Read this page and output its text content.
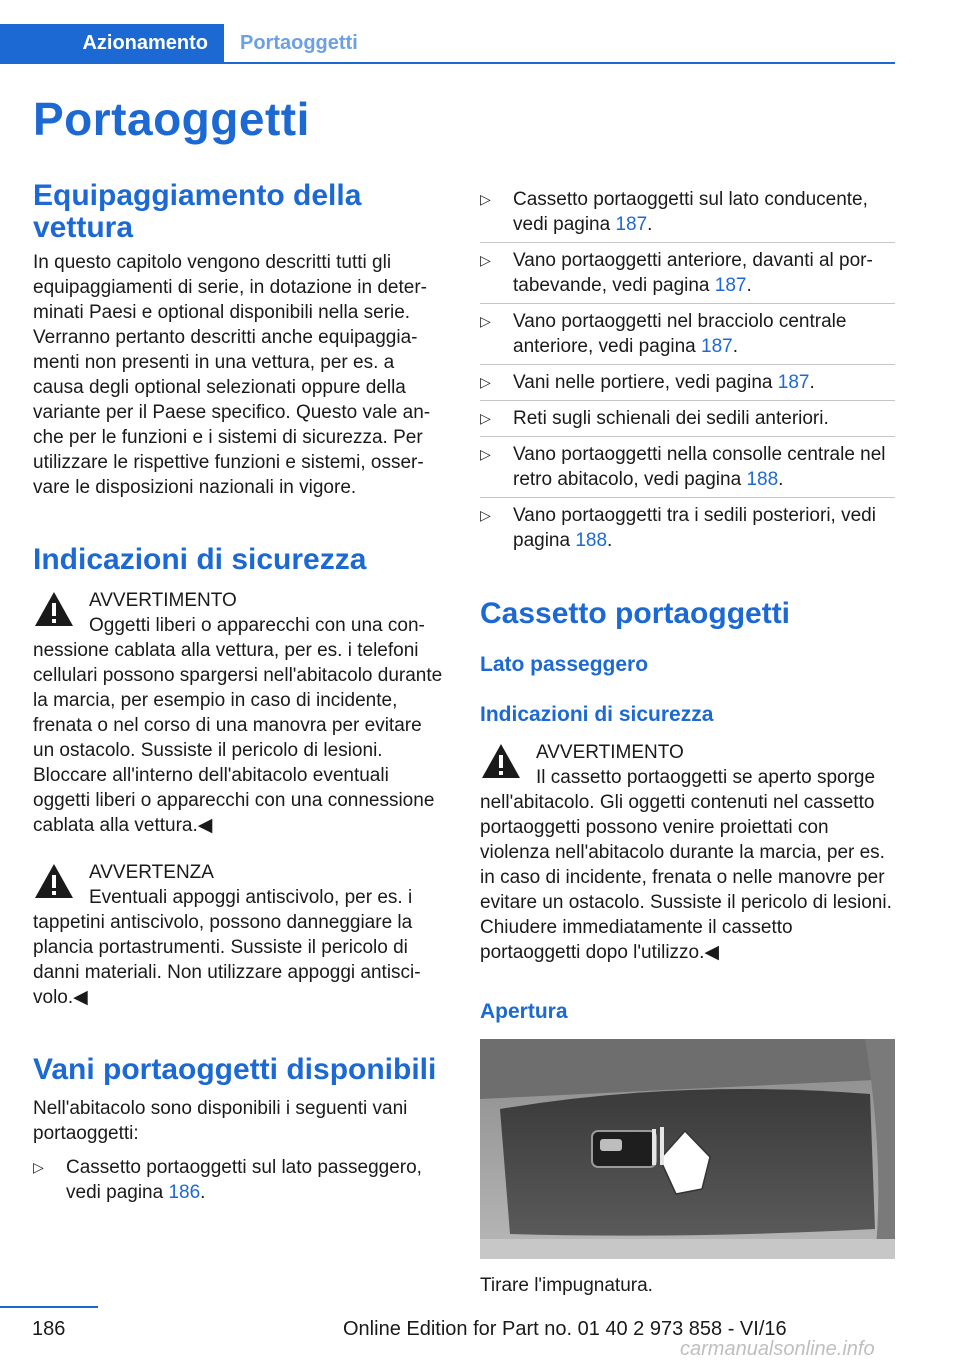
Azionamento	Portaoggetti
Portaoggetti
Equipaggiamento della vettura

In questo capitolo vengono descritti tutti gli equipaggiamenti di serie, in dotazione in determinati Paesi e optional disponibili nella serie. Verranno pertanto descritti anche equipaggiamenti non presenti in una vettura, per es. a causa degli optional selezionati oppure della variante per il Paese specifico. Questo vale anche per le funzioni e i sistemi di sicurezza. Per utilizzare le rispettive funzioni e sistemi, osservare le disposizioni nazionali in vigore.

Indicazioni di sicurezza
AVVERTIMENTO

Oggetti liberi o apparecchi con una connessione cablata alla vettura, per es. i telefoni cellulari possono spargersi nell'abitacolo durante la marcia, per esempio in caso di incidente, frenata o nel corso di una manovra per evitare un ostacolo. Sussiste il pericolo di lesioni. Bloccare all'interno dell'abitacolo eventuali oggetti liberi o apparecchi con una connessione cablata alla vettura.◀

AVVERTENZA

Eventuali appoggi antiscivolo, per es. i tappetini antiscivolo, possono danneggiare la plancia portastrumenti. Sussiste il pericolo di danni materiali. Non utilizzare appoggi antiscivolo.◀

Vani portaoggetti disponibili

Nell'abitacolo sono disponibili i seguenti vani portaoggetti:

▷ Cassetto portaoggetti sul lato passeggero, vedi pagina 186.
▷ Cassetto portaoggetti sul lato conducente, vedi pagina 187.
▷ Vano portaoggetti anteriore, davanti al portabevande, vedi pagina 187.
▷ Vano portaoggetti nel bracciolo centrale anteriore, vedi pagina 187.
▷ Vani nelle portiere, vedi pagina 187.
▷ Reti sugli schienali dei sedili anteriori.
▷ Vano portaoggetti nella consolle centrale nel retro abitacolo, vedi pagina 188.
▷ Vano portaoggetti tra i sedili posteriori, vedi pagina 188.
Cassetto portaoggetti
Lato passeggero
Indicazioni di sicurezza
AVVERTIMENTO

Il cassetto portaoggetti se aperto sporge nell'abitacolo. Gli oggetti contenuti nel cassetto portaoggetti possono venire proiettati con violenza nell'abitacolo durante la marcia, per es. in caso di incidente, frenata o nelle manovre per evitare un ostacolo. Sussiste il pericolo di lesioni. Chiudere immediatamente il cassetto portaoggetti dopo l'utilizzo.◀

Apertura

Tirare l'impugnatura.

186	Online Edition for Part no. 01 40 2 973 858 - VI/16
carmanualsonline.info
